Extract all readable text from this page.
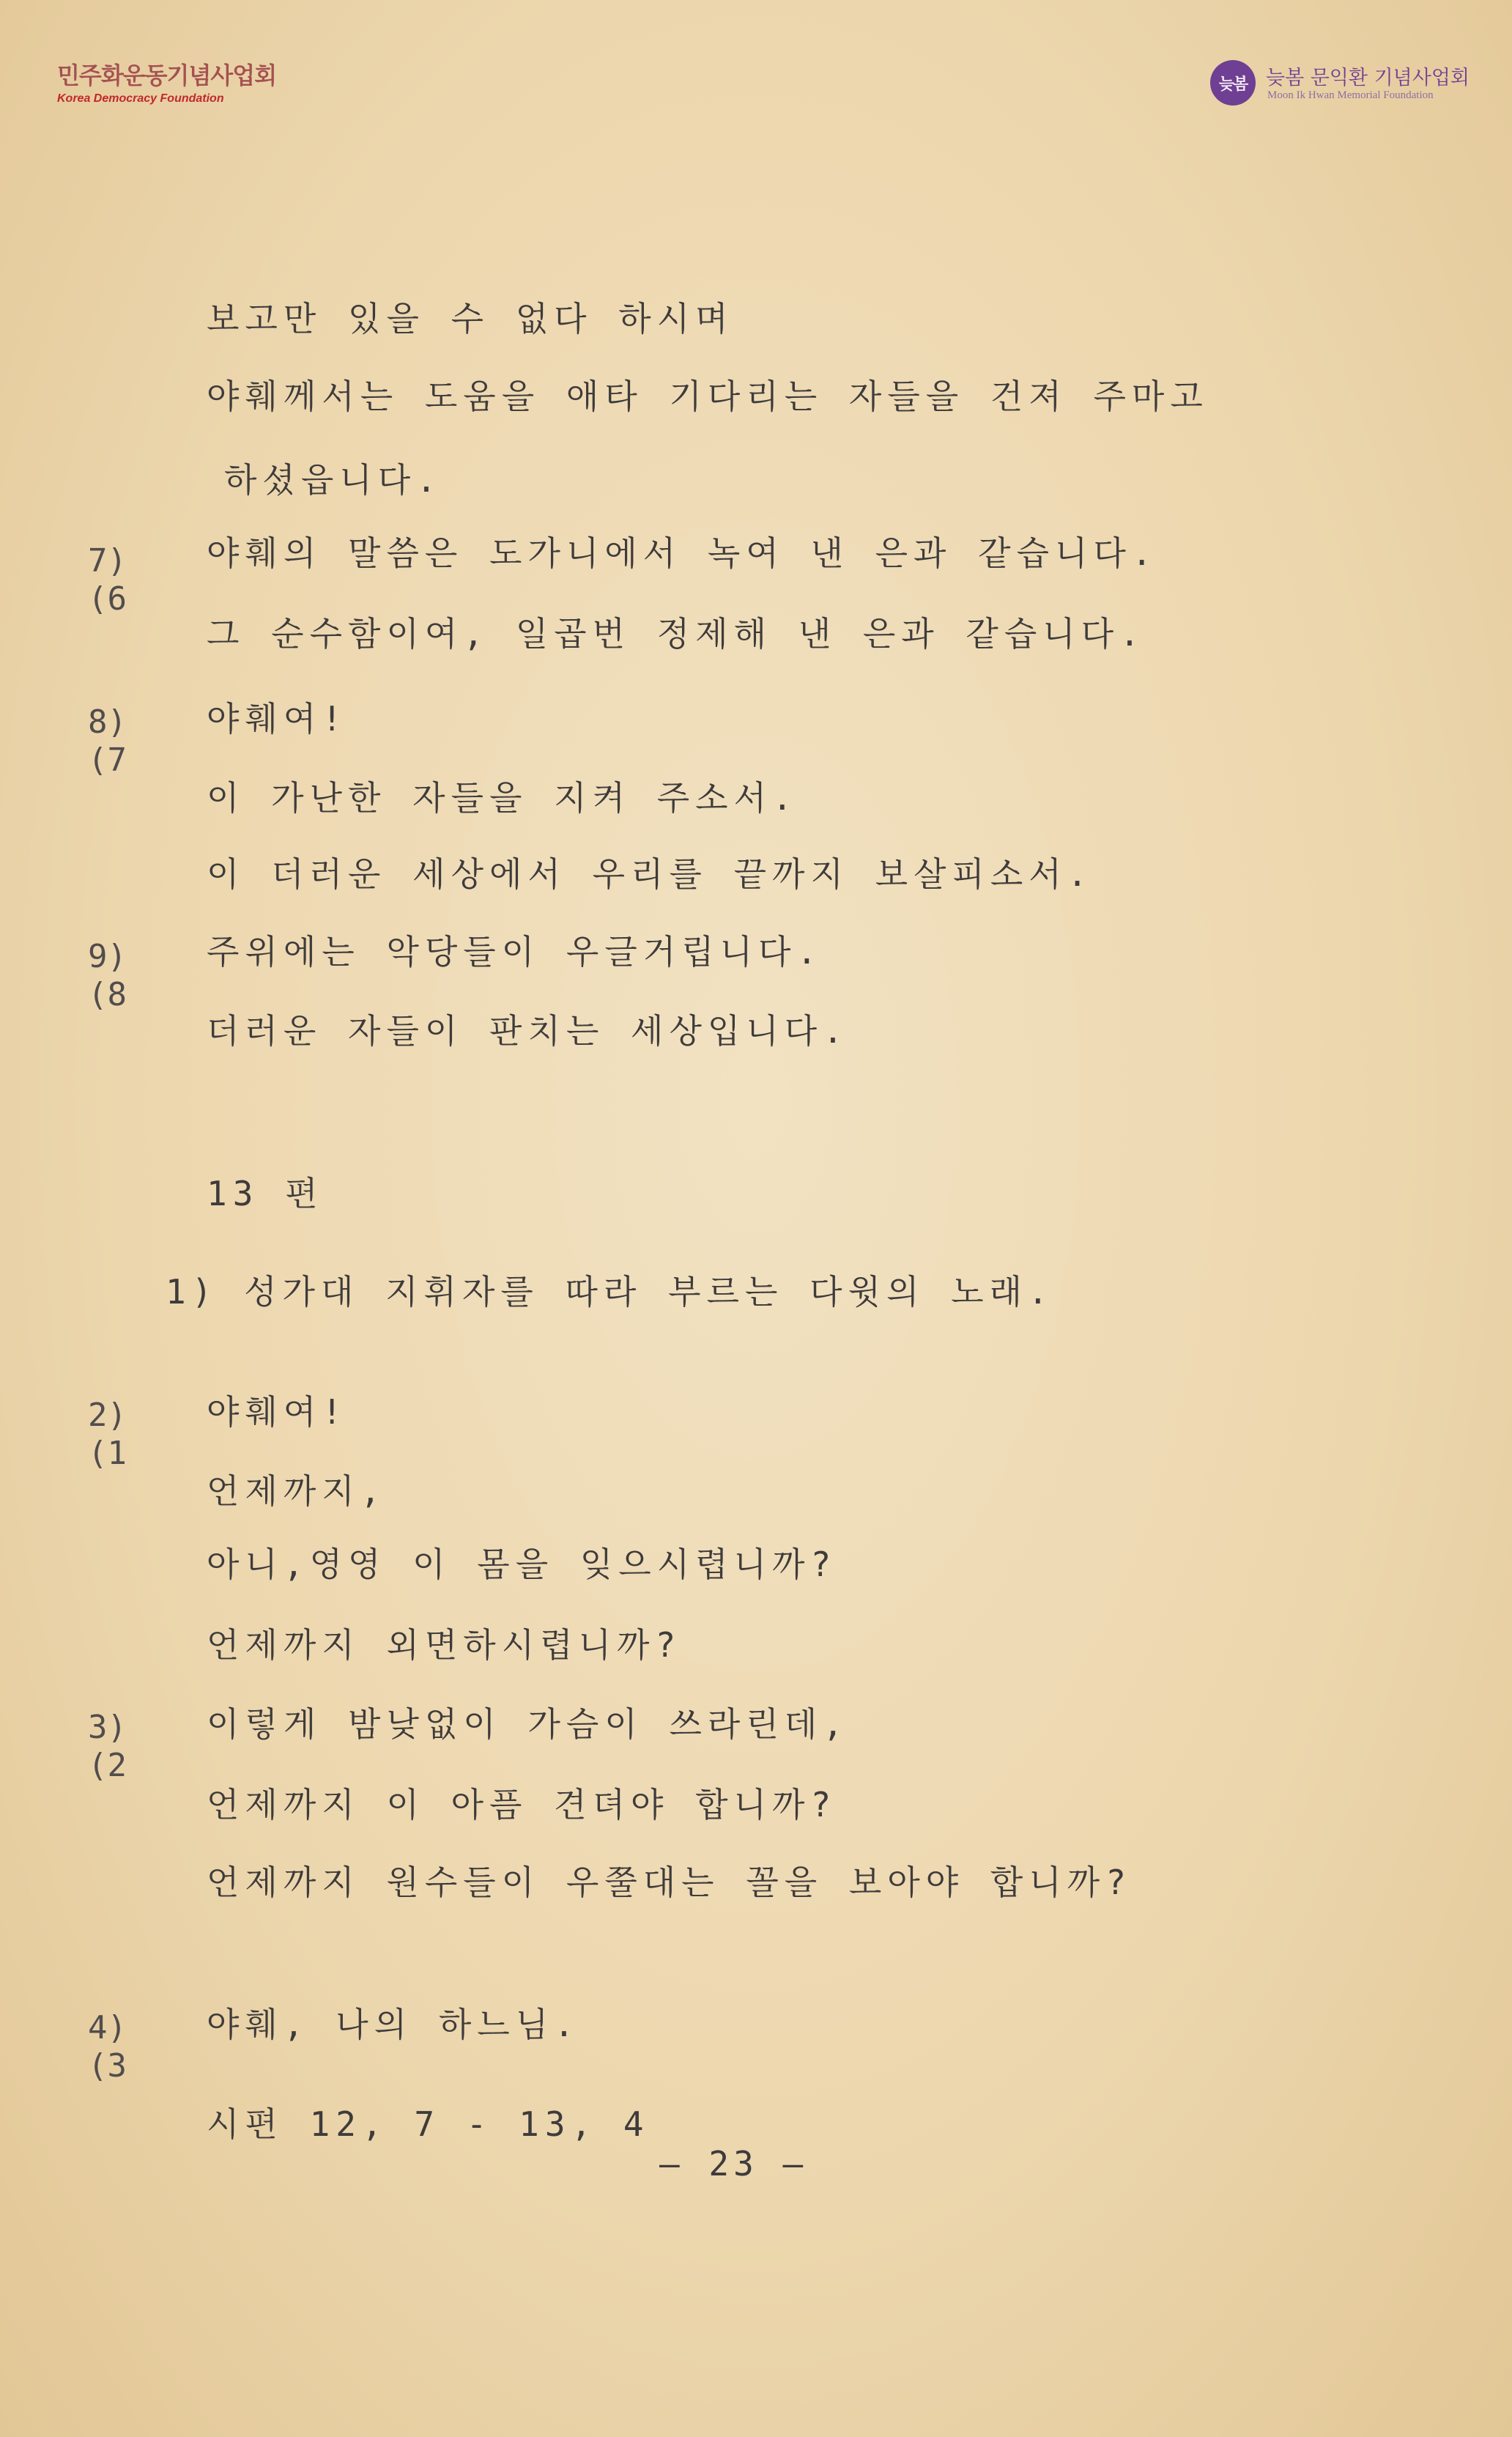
민주화운동기념사업회
Korea Democracy Foundation
늦봄 늦봄 문익환 기념사업회
Moon Ik Hwan Memorial Foundation
보고만 있을 수 없다 하시며
야훼께서는 도움을 애타 기다리는 자들을 건져 주마고
하셨읍니다.
야훼의 말씀은 도가니에서 녹여 낸 은과 같습니다.
그 순수함이여, 일곱번 정제해 낸 은과 같습니다.
야훼여!
이 가난한 자들을 지켜 주소서.
이 더러운 세상에서 우리를 끝까지 보살피소서.
주위에는 악당들이 우글거립니다.
더러운 자들이 판치는 세상입니다.
13 편
1) 성가대 지휘자를 따라 부르는 다윗의 노래.
야훼여!
언제까지,
아니,영영 이 몸을 잊으시렵니까?
언제까지 외면하시렵니까?
이렇게 밤낮없이 가슴이 쓰라린데,
언제까지 이 아픔 견뎌야 합니까?
언제까지 원수들이 우쭐대는 꼴을 보아야 합니까?
야훼, 나의 하느님.
시편 12, 7 - 13, 4
7)
(6
8)
(7
9)
(8
2)
(1
3)
(2
4)
(3
— 23 —
